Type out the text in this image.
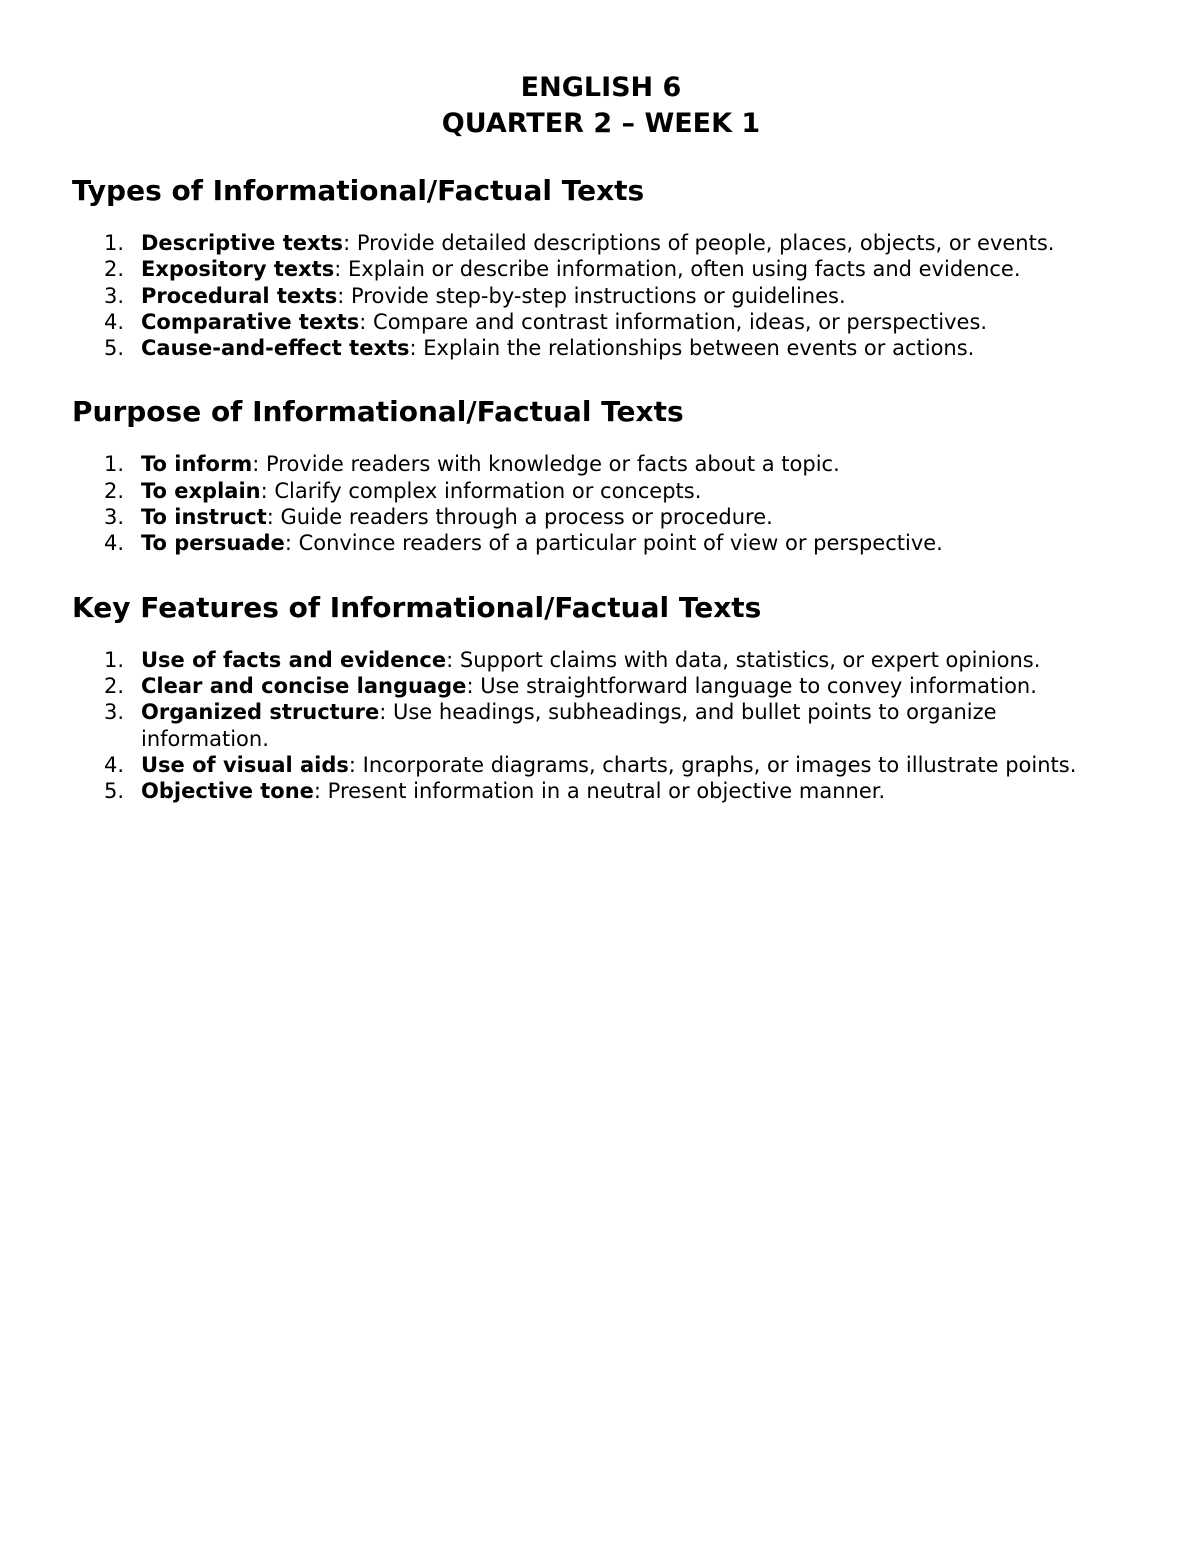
ENGLISH 6
QUARTER 2 – WEEK 1
Types of Informational/Factual Texts
1. Descriptive texts: Provide detailed descriptions of people, places, objects, or events.
2. Expository texts: Explain or describe information, often using facts and evidence.
3. Procedural texts: Provide step-by-step instructions or guidelines.
4. Comparative texts: Compare and contrast information, ideas, or perspectives.
5. Cause-and-effect texts: Explain the relationships between events or actions.
Purpose of Informational/Factual Texts
1. To inform: Provide readers with knowledge or facts about a topic.
2. To explain: Clarify complex information or concepts.
3. To instruct: Guide readers through a process or procedure.
4. To persuade: Convince readers of a particular point of view or perspective.
Key Features of Informational/Factual Texts
1. Use of facts and evidence: Support claims with data, statistics, or expert opinions.
2. Clear and concise language: Use straightforward language to convey information.
3. Organized structure: Use headings, subheadings, and bullet points to organize information.
4. Use of visual aids: Incorporate diagrams, charts, graphs, or images to illustrate points.
5. Objective tone: Present information in a neutral or objective manner.
